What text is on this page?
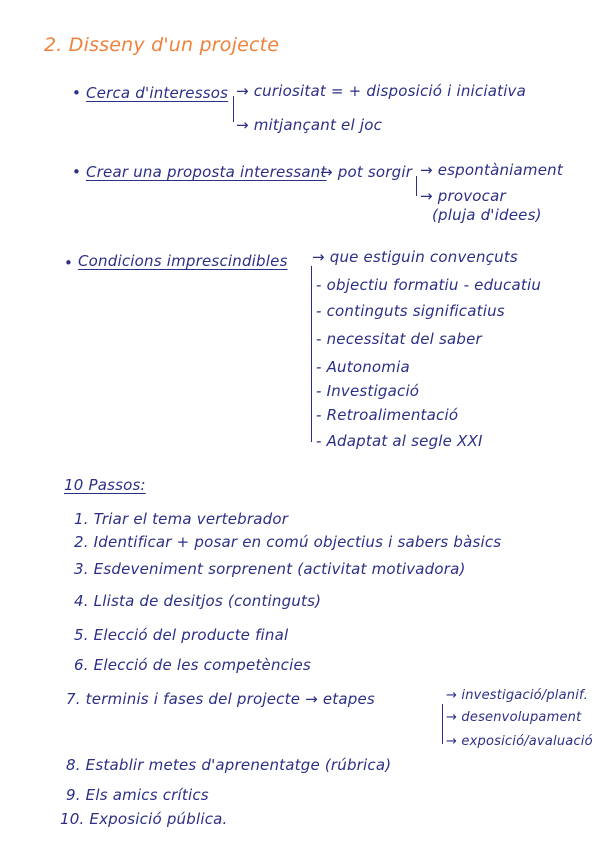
2. Disseny d'un projecte
• Cerca d'interessos → curiositat = + disposició i iniciativa
→ mitjançant el joc
• Crear una proposta interessant
→ pot sorgir → espontàniament
→ provocar
(pluja d'idees)
• Condicions imprescindibles → que estiguin convençuts
- objectiu formatiu - educatiu
- continguts significatius
- necessitat del saber
- Autonomia
- Investigació
- Retroalimentació
- Adaptat al segle XXI
10 Passos:
1. Triar el tema vertebrador
2. Identificar + posar en comú objectius i sabers bàsics
3. Esdeveniment sorprenent (activitat motivadora)
4. Llista de desitjos (continguts)
5. Elecció del producte final
6. Elecció de les competències
7. terminis i fases del projecte → etapes	→ investigació/planif.
→ desenvolupament
→ exposició/avaluació
8. Establir metes d'aprenentatge (rúbrica)
9. Els amics crítics
10. Exposició pública.
